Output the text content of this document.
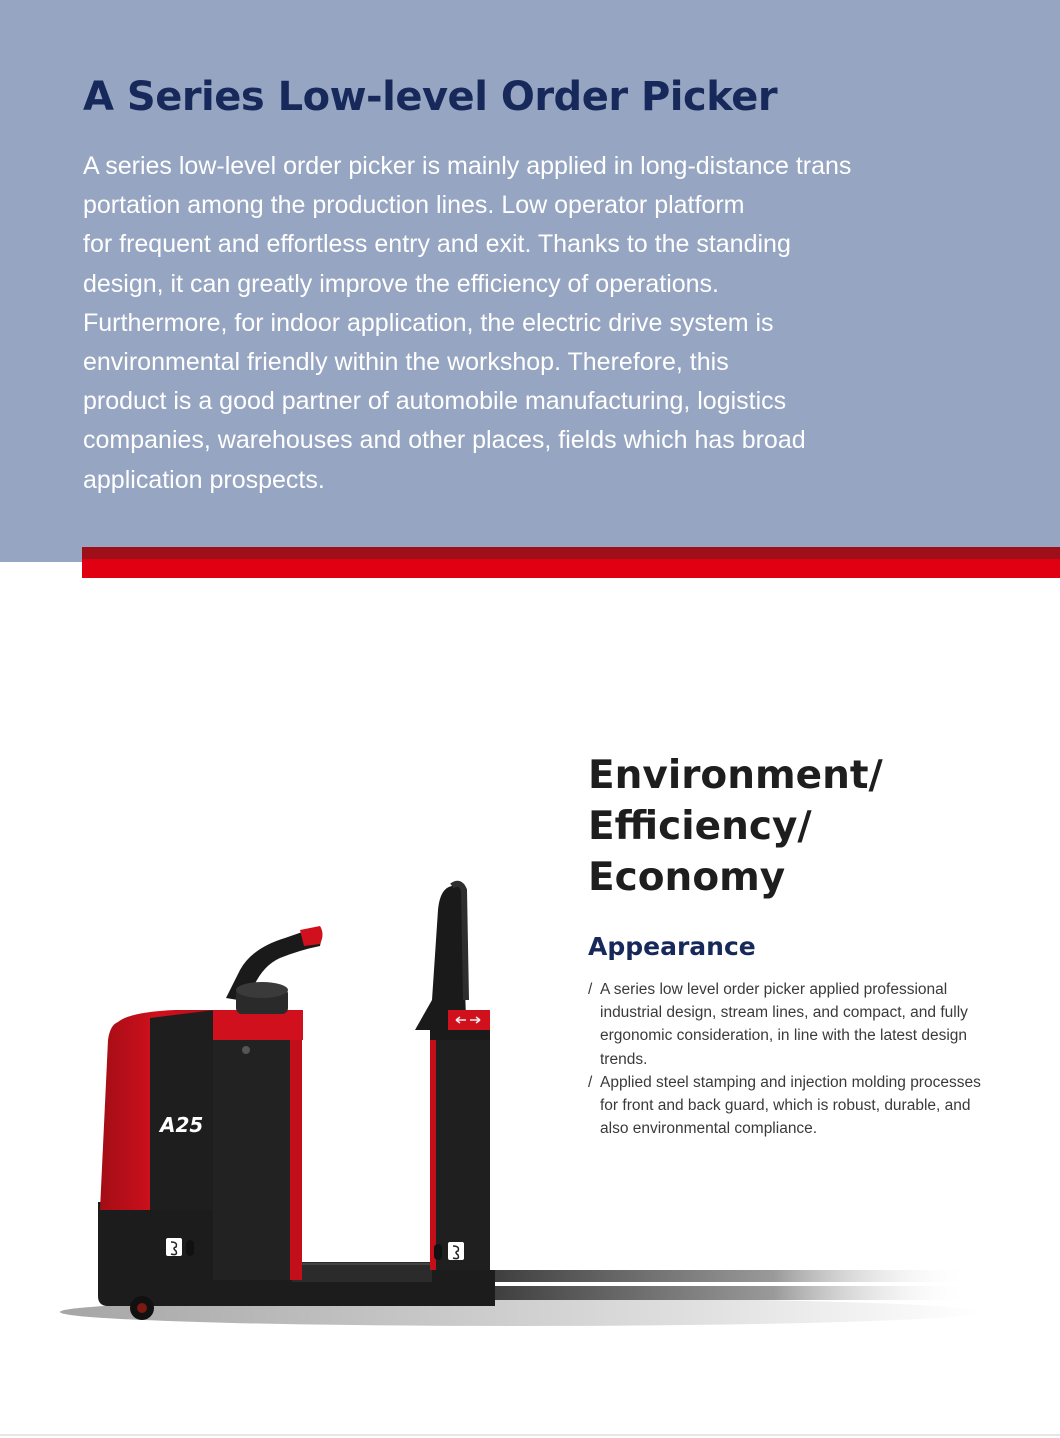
A Series Low-level Order Picker

A series low-level order picker is mainly applied in long-distance trans
portation among the production lines. Low operator platform
for frequent and effortless entry and exit. Thanks to the standing
design, it can greatly improve the efficiency of operations.
Furthermore, for indoor application, the electric drive system is
environmental friendly within the workshop. Therefore, this
product is a good partner of automobile manufacturing, logistics
companies, warehouses and other places, fields which has broad
application prospects.

A25
Environment/
Efficiency/
Economy
Appearance
/ A series low level order picker applied professional
industrial design, stream lines, and compact, and fully
ergonomic consideration, in line with the latest design
trends.
/ Applied steel stamping and injection molding processes
for front and back guard, which is robust, durable, and
also environmental compliance.
